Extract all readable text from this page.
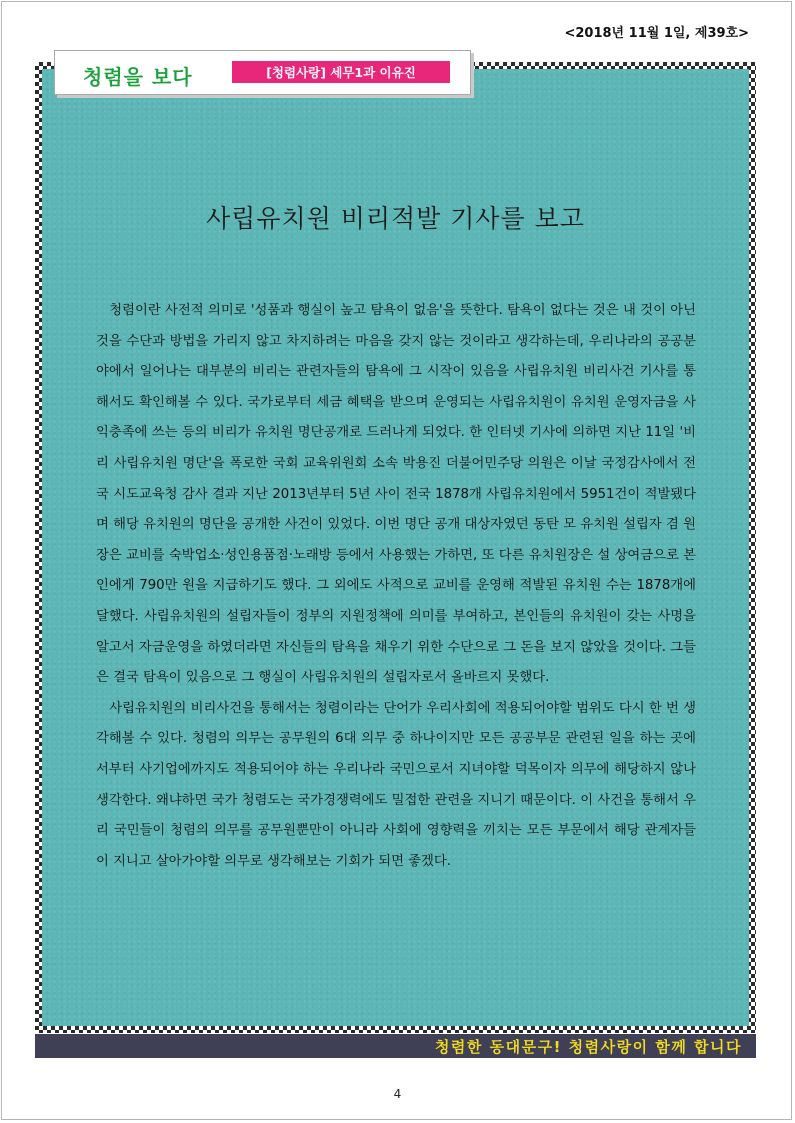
<2018년 11월 1일, 제39호>
청렴을 보다	[청렴사랑] 세무1과 이유진
사립유치원 비리적발 기사를 보고

청렴이란 사전적 의미로 '성품과 행실이 높고 탐욕이 없음'을 뜻한다. 탐욕이 없다는 것은 내 것이 아닌 것을 수단과 방법을 가리지 않고 차지하려는 마음을 갖지 않는 것이라고 생각하는데, 우리나라의 공공분야에서 일어나는 대부분의 비리는 관련자들의 탐욕에 그 시작이 있음을 사립유치원 비리사건 기사를 통해서도 확인해볼 수 있다. 국가로부터 세금 혜택을 받으며 운영되는 사립유치원이 유치원 운영자금을 사익충족에 쓰는 등의 비리가 유치원 명단공개로 드러나게 되었다. 한 인터넷 기사에 의하면 지난 11일 '비리 사립유치원 명단'을 폭로한 국회 교육위원회 소속 박용진 더불어민주당 의원은 이날 국정감사에서 전국 시도교육청 감사 결과 지난 2013년부터 5년 사이 전국 1878개 사립유치원에서 5951건이 적발됐다며 해당 유치원의 명단을 공개한 사건이 있었다. 이번 명단 공개 대상자였던 동탄 모 유치원 설립자 겸 원장은 교비를 숙박업소·성인용품점·노래방 등에서 사용했는 가하면, 또 다른 유치원장은 설 상여금으로 본인에게 790만 원을 지급하기도 했다. 그 외에도 사적으로 교비를 운영해 적발된 유치원 수는 1878개에 달했다. 사립유치원의 설립자들이 정부의 지원정책에 의미를 부여하고, 본인들의 유치원이 갖는 사명을 알고서 자금운영을 하였더라면 자신들의 탐욕을 채우기 위한 수단으로 그 돈을 보지 않았을 것이다. 그들은 결국 탐욕이 있음으로 그 행실이 사립유치원의 설립자로서 올바르지 못했다.

사립유치원의 비리사건을 통해서는 청렴이라는 단어가 우리사회에 적용되어야할 범위도 다시 한 번 생각해볼 수 있다. 청렴의 의무는 공무원의 6대 의무 중 하나이지만 모든 공공부문 관련된 일을 하는 곳에서부터 사기업에까지도 적용되어야 하는 우리나라 국민으로서 지녀야할 덕목이자 의무에 해당하지 않나 생각한다. 왜냐하면 국가 청렴도는 국가경쟁력에도 밀접한 관련을 지니기 때문이다. 이 사건을 통해서 우리 국민들이 청렴의 의무를 공무원뿐만이 아니라 사회에 영향력을 끼치는 모든 부문에서 해당 관계자들이 지니고 살아가야할 의무로 생각해보는 기회가 되면 좋겠다.

청렴한 동대문구! 청렴사랑이 함께 합니다
4
